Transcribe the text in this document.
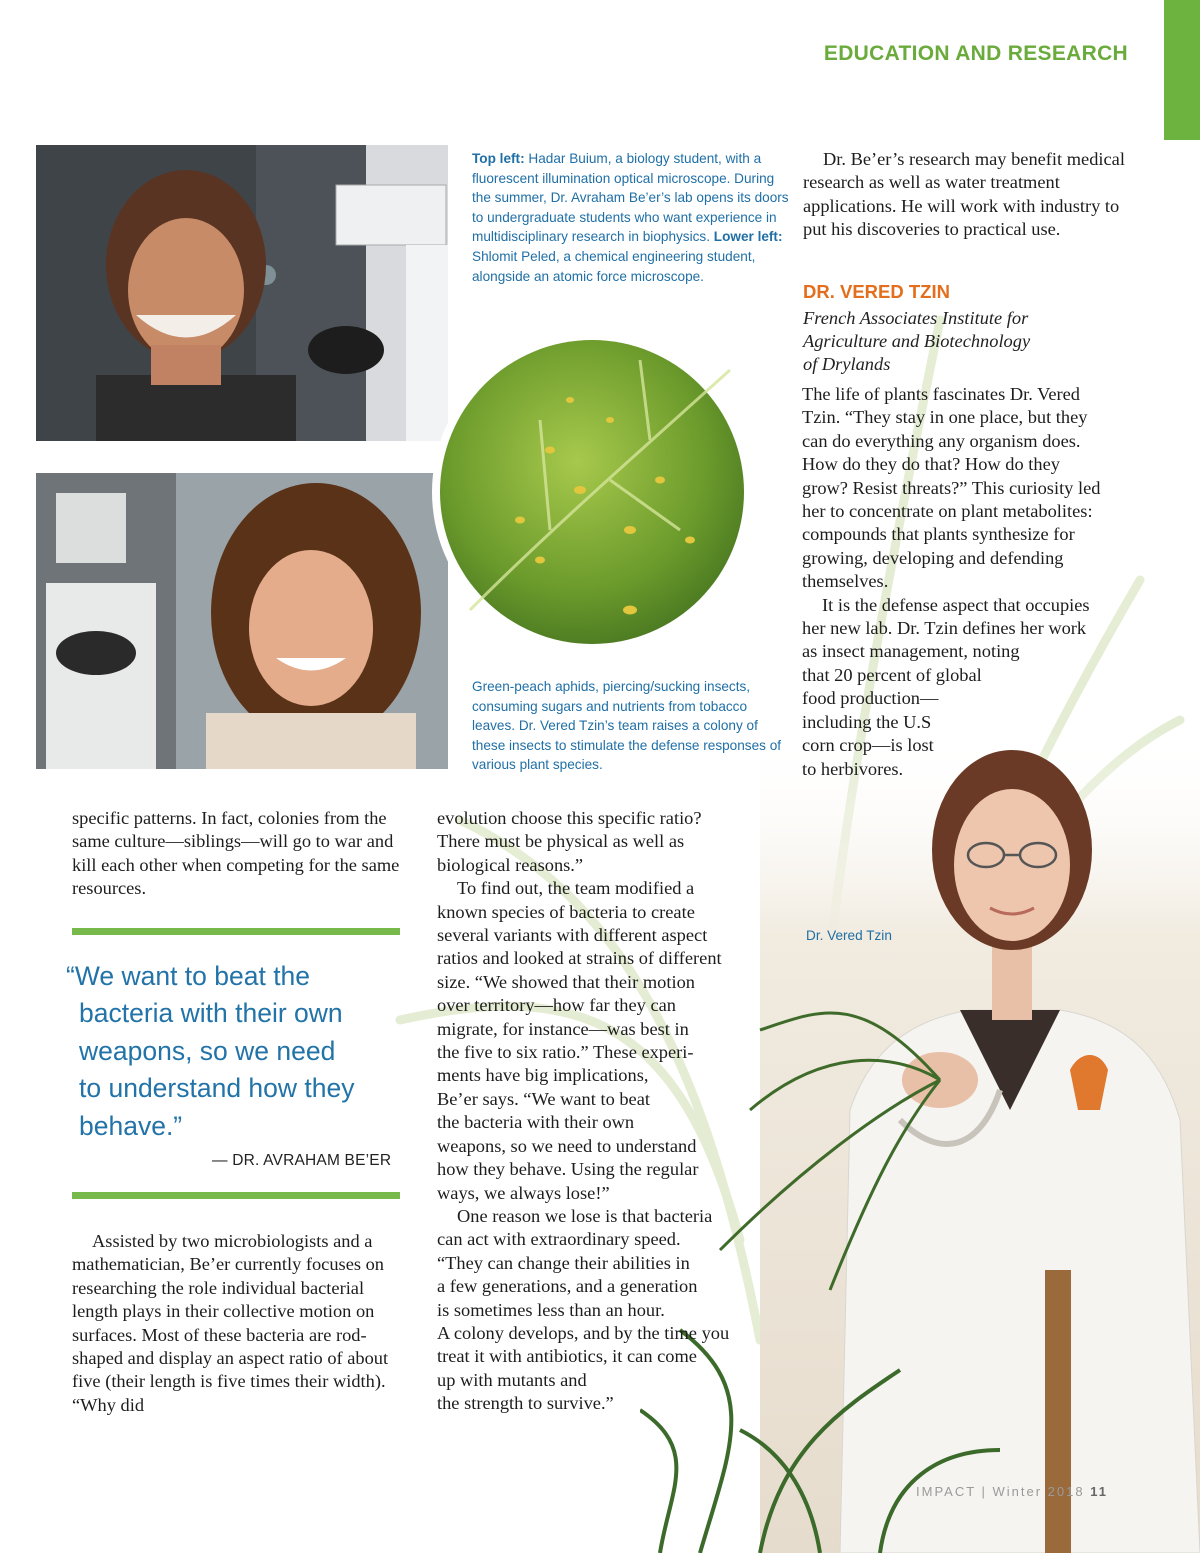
EDUCATION AND RESEARCH
Top left: Hadar Buium, a biology student, with a fluorescent illumination optical microscope. During the summer, Dr. Avraham Be’er’s lab opens its doors to undergraduate students who want experience in multidisciplinary research in biophysics. Lower left: Shlomit Peled, a chemical engineering student, alongside an atomic force microscope.
Green-peach aphids, piercing/sucking insects, consuming sugars and nutrients from tobacco leaves. Dr. Vered Tzin’s team raises a colony of these insects to stimulate the defense responses of various plant species.
specific patterns. In fact, colonies from the same culture—siblings—will go to war and kill each other when competing for the same resources.
“We want to beat the
bacteria with their own
weapons, so we need
to understand how they
behave.”
— DR. AVRAHAM BE’ER

Assisted by two microbiologists and a mathematician, Be’er currently focuses on researching the role individual bacterial length plays in their collective motion on surfaces. Most of these bacteria are rod-shaped and display an aspect ratio of about five (their length is five times their width). “Why did

evolution choose this specific ratio?
There must be physical as well as
biological reasons.”
To find out, the team modified a
known species of bacteria to create
several variants with different aspect
ratios and looked at strains of different
size. “We showed that their motion
over territory—how far they can
migrate, for instance—was best in
the five to six ratio.” These experi-
ments have big implications,
Be’er says. “We want to beat
the bacteria with their own
weapons, so we need to understand
how they behave. Using the regular
ways, we always lose!”
One reason we lose is that bacteria
can act with extraordinary speed.
“They can change their abilities in
a few generations, and a generation
is sometimes less than an hour.
A colony develops, and by the time you
treat it with antibiotics, it can come
up with mutants and
the strength to survive.”

Dr. Be’er’s research may benefit medical research as well as water treatment applications. He will work with industry to put his discoveries to practical use.

DR. VERED TZIN
French Associates Institute for
Agriculture and Biotechnology
of Drylands
The life of plants fascinates Dr. Vered
Tzin. “They stay in one place, but they
can do everything any organism does.
How do they do that? How do they
grow? Resist threats?” This curiosity led
her to concentrate on plant metabolites:
compounds that plants synthesize for
growing, developing and defending
themselves.
It is the defense aspect that occupies
her new lab. Dr. Tzin defines her work
as insect management, noting
that 20 percent of global
food production—
including the U.S
corn crop—is lost
to herbivores.
Dr. Vered Tzin
IMPACT | Winter 2018 11
